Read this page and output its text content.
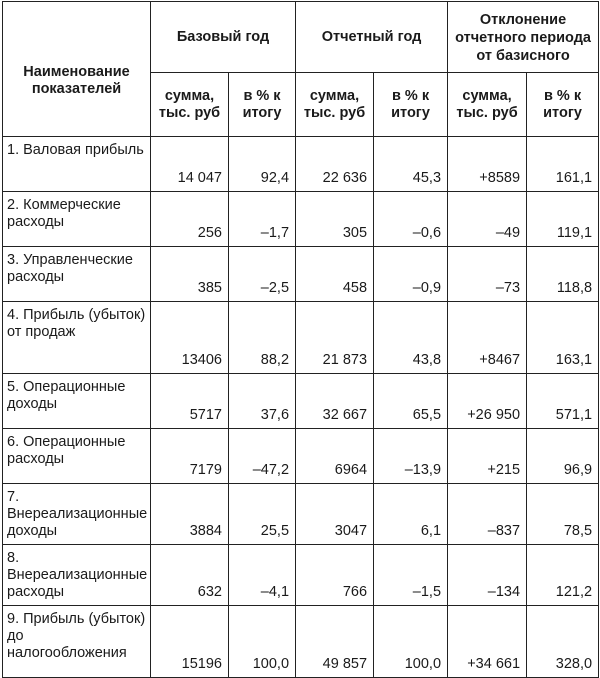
Наименование показателей	Базовый год		Отчетный год		Отклонение отчетного периода от базисного	
	сумма, тыс. руб	в % к итогу	сумма, тыс. руб	в % к итогу	сумма, тыс. руб	в % к итогу
1. Валовая прибыль	14 047	92,4	22 636	45,3	+8589	161,1
2. Коммерческие расходы	256	–1,7	305	–0,6	–49	119,1
3. Управленческие расходы	385	–2,5	458	–0,9	–73	118,8
4. Прибыль (убыток) от продаж	13406	88,2	21 873	43,8	+8467	163,1
5. Операционные доходы	5717	37,6	32 667	65,5	+26 950	571,1
6. Операционные расходы	7179	–47,2	6964	–13,9	+215	96,9
7. Внереализационные доходы	3884	25,5	3047	6,1	–837	78,5
8. Внереализационные расходы	632	–4,1	766	–1,5	–134	121,2
9. Прибыль (убыток) до налогообложения	15196	100,0	49 857	100,0	+34 661	328,0
